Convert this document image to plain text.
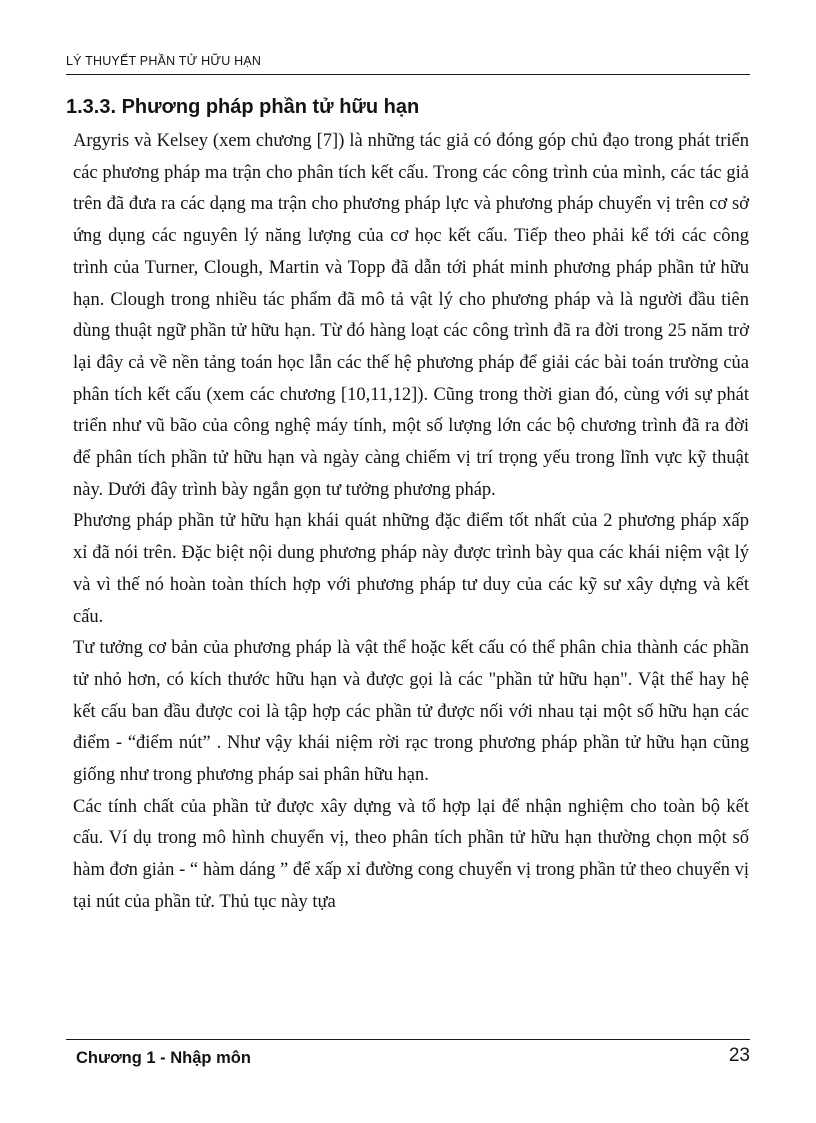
LÝ THUYẾT PHẦN TỬ HỮU HẠN
1.3.3. Phương pháp phần tử hữu hạn

Argyris và Kelsey (xem chương [7]) là những tác giả có đóng góp chủ đạo trong phát triển các phương pháp ma trận cho phân tích kết cấu. Trong các công trình của mình, các tác giả trên đã đưa ra các dạng ma trận cho phương pháp lực và phương pháp chuyển vị trên cơ sở ứng dụng các nguyên lý năng lượng của cơ học kết cấu. Tiếp theo phải kể tới các công trình của Turner, Clough, Martin và Topp đã dẫn tới phát minh phương pháp phần tử hữu hạn. Clough trong nhiều tác phẩm đã mô tả vật lý cho phương pháp và là người đầu tiên dùng thuật ngữ phần tử hữu hạn. Từ đó hàng loạt các công trình đã ra đời trong 25 năm trở lại đây cả về nền tảng toán học lẫn các thế hệ phương pháp để giải các bài toán trường của phân tích kết cấu (xem các chương [10,11,12]). Cũng trong thời gian đó, cùng với sự phát triển như vũ bão của công nghệ máy tính, một số lượng lớn các bộ chương trình đã ra đời để phân tích phần tử hữu hạn và ngày càng chiếm vị trí trọng yếu trong lĩnh vực kỹ thuật này. Dưới đây trình bày ngắn gọn tư tưởng phương pháp.

Phương pháp phần tử hữu hạn khái quát những đặc điểm tốt nhất của 2 phương pháp xấp xỉ đã nói trên. Đặc biệt nội dung phương pháp này được trình bày qua các khái niệm vật lý và vì thế nó hoàn toàn thích hợp với phương pháp tư duy của các kỹ sư xây dựng và kết cấu.

Tư tưởng cơ bản của phương pháp là vật thể hoặc kết cấu có thể phân chia thành các phần tử nhỏ hơn, có kích thước hữu hạn và được gọi là các "phần tử hữu hạn". Vật thể hay hệ kết cấu ban đầu được coi là tập hợp các phần tử được nối với nhau tại một số hữu hạn các điểm - “điểm nút” . Như vậy khái niệm rời rạc trong phương pháp phần tử hữu hạn cũng giống như trong phương pháp sai phân hữu hạn.

Các tính chất của phần tử được xây dựng và tổ hợp lại để nhận nghiệm cho toàn bộ kết cấu. Ví dụ trong mô hình chuyển vị, theo phân tích phần tử hữu hạn thường chọn một số hàm đơn giản - “ hàm dáng ” để xấp xỉ đường cong chuyển vị trong phần tử theo chuyển vị tại nút của phần tử. Thủ tục này tựa

Chương 1 - Nhập môn	23
